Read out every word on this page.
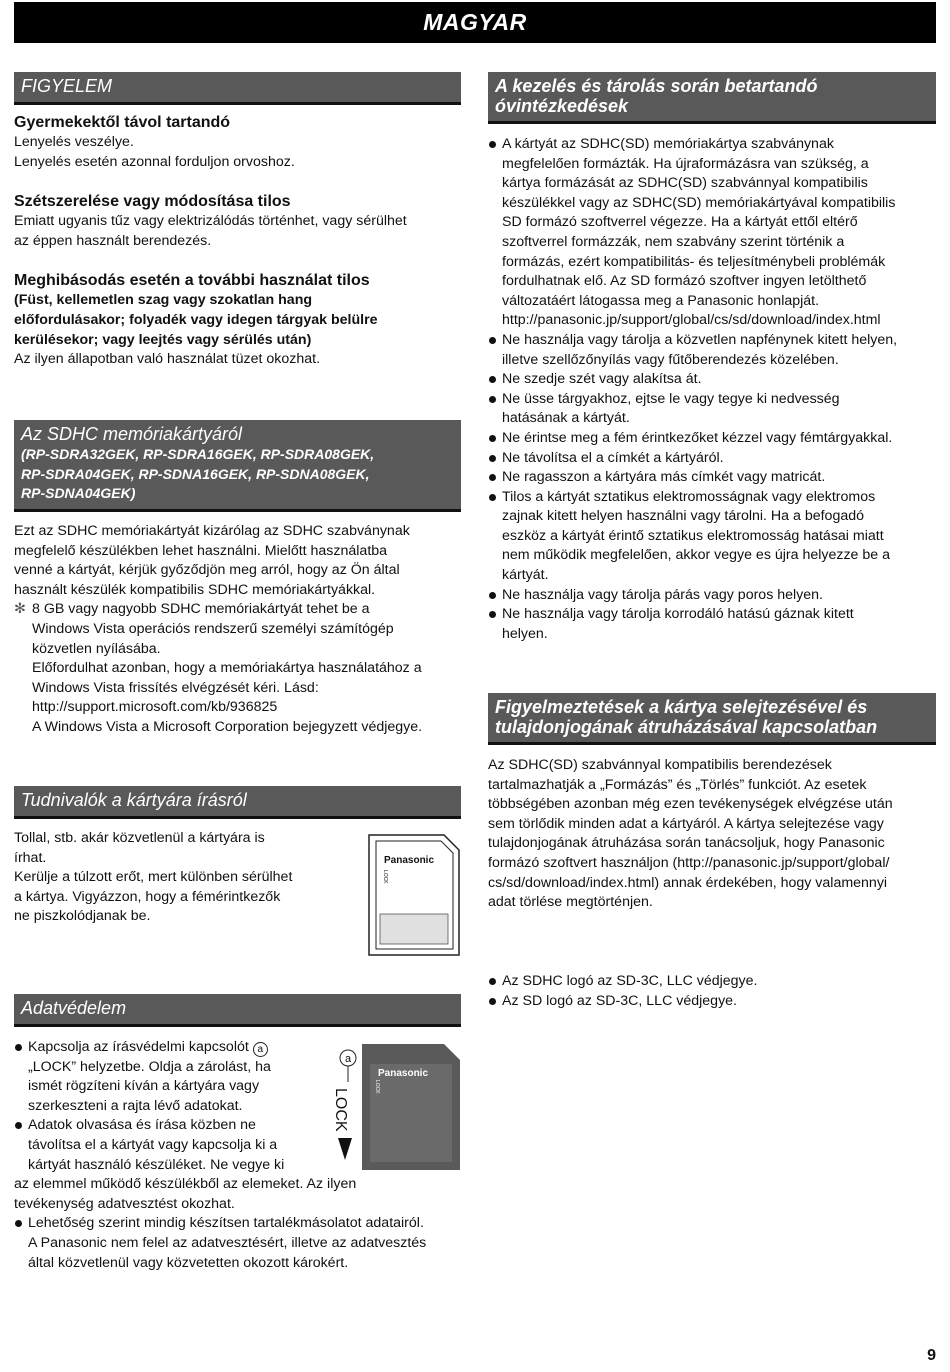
MAGYAR
FIGYELEM

Gyermekektől távol tartandó

Lenyelés veszélye.

Lenyelés esetén azonnal forduljon orvoshoz.

Szétszerelése vagy módosítása tilos

Emiatt ugyanis tűz vagy elektrizálódás történhet, vagy sérülhet

az éppen használt berendezés.

Meghibásodás esetén a további használat tilos

(Füst, kellemetlen szag vagy szokatlan hang

előfordulásakor; folyadék vagy idegen tárgyak belülre

kerülésekor; vagy leejtés vagy sérülés után)

Az ilyen állapotban való használat tüzet okozhat.

Az SDHC memóriakártyáról
(RP-SDRA32GEK, RP-SDRA16GEK, RP-SDRA08GEK,
RP-SDRA04GEK, RP-SDNA16GEK, RP-SDNA08GEK,
RP-SDNA04GEK)

Ezt az SDHC memóriakártyát kizárólag az SDHC szabványnak

megfelelő készülékben lehet használni. Mielőtt használatba

venné a kártyát, kérjük győződjön meg arról, hogy az Ön által

használt készülék kompatibilis SDHC memóriakártyákkal.

✻ 8 GB vagy nagyobb SDHC memóriakártyát tehet be a

Windows Vista operációs rendszerű személyi számítógép

közvetlen nyílásába.

Előfordulhat azonban, hogy a memóriakártya használatához a

Windows Vista frissítés elvégzését kéri. Lásd:

http://support.microsoft.com/kb/936825

A Windows Vista a Microsoft Corporation bejegyzett védjegye.

Tudnivalók a kártyára írásról

Tollal, stb. akár közvetlenül a kártyára is

írhat.

Kerülje a túlzott erőt, mert különben sérülhet

a kártya. Vigyázzon, hogy a fémérintkezők

ne piszkolódjanak be.

Panasonic
LOCK
Adatvédelem

Kapcsolja az írásvédelmi kapcsolót a

„LOCK” helyzetbe. Oldja a zárolást, ha

ismét rögzíteni kíván a kártyára vagy

szerkeszteni a rajta lévő adatokat.

Adatok olvasása és írása közben ne

távolítsa el a kártyát vagy kapcsolja ki a

kártyát használó készüléket. Ne vegye ki

az elemmel működő készülékből az elemeket. Az ilyen

tevékenység adatvesztést okozhat.

Lehetőség szerint mindig készítsen tartalékmásolatot adatairól.

A Panasonic nem felel az adatvesztésért, illetve az adatvesztés

által közvetlenül vagy közvetetten okozott károkért.

a
LOCK
Panasonic
LOCK
A kezelés és tárolás során betartandó
óvintézkedések

A kártyát az SDHC(SD) memóriakártya szabványnak

megfelelően formázták. Ha újraformázásra van szükség, a

kártya formázását az SDHC(SD) szabvánnyal kompatibilis

készülékkel vagy az SDHC(SD) memóriakártyával kompatibilis

SD formázó szoftverrel végezze. Ha a kártyát ettől eltérő

szoftverrel formázzák, nem szabvány szerint történik a

formázás, ezért kompatibilitás- és teljesítménybeli problémák

fordulhatnak elő. Az SD formázó szoftver ingyen letölthető

változatáért látogassa meg a Panasonic honlapját.

http://panasonic.jp/support/global/cs/sd/download/index.html

Ne használja vagy tárolja a közvetlen napfénynek kitett helyen,

illetve szellőzőnyílás vagy fűtőberendezés közelében.

Ne szedje szét vagy alakítsa át.

Ne üsse tárgyakhoz, ejtse le vagy tegye ki nedvesség

hatásának a kártyát.

Ne érintse meg a fém érintkezőket kézzel vagy fémtárgyakkal.

Ne távolítsa el a címkét a kártyáról.

Ne ragasszon a kártyára más címkét vagy matricát.

Tilos a kártyát sztatikus elektromosságnak vagy elektromos

zajnak kitett helyen használni vagy tárolni. Ha a befogadó

eszköz a kártyát érintő sztatikus elektromosság hatásai miatt

nem működik megfelelően, akkor vegye es újra helyezze be a

kártyát.

Ne használja vagy tárolja párás vagy poros helyen.

Ne használja vagy tárolja korrodáló hatású gáznak kitett

helyen.

Figyelmeztetések a kártya selejtezésével és
tulajdonjogának átruházásával kapcsolatban

Az SDHC(SD) szabvánnyal kompatibilis berendezések

tartalmazhatják a „Formázás” és „Törlés” funkciót. Az esetek

többségében azonban még ezen tevékenységek elvégzése után

sem törlődik minden adat a kártyáról. A kártya selejtezése vagy

tulajdonjogának átruházása során tanácsoljuk, hogy Panasonic

formázó szoftvert használjon (http://panasonic.jp/support/global/

cs/sd/download/index.html) annak érdekében, hogy valamennyi

adat törlése megtörténjen.

Az SDHC logó az SD-3C, LLC védjegye.
Az SD logó az SD-3C, LLC védjegye.
9
